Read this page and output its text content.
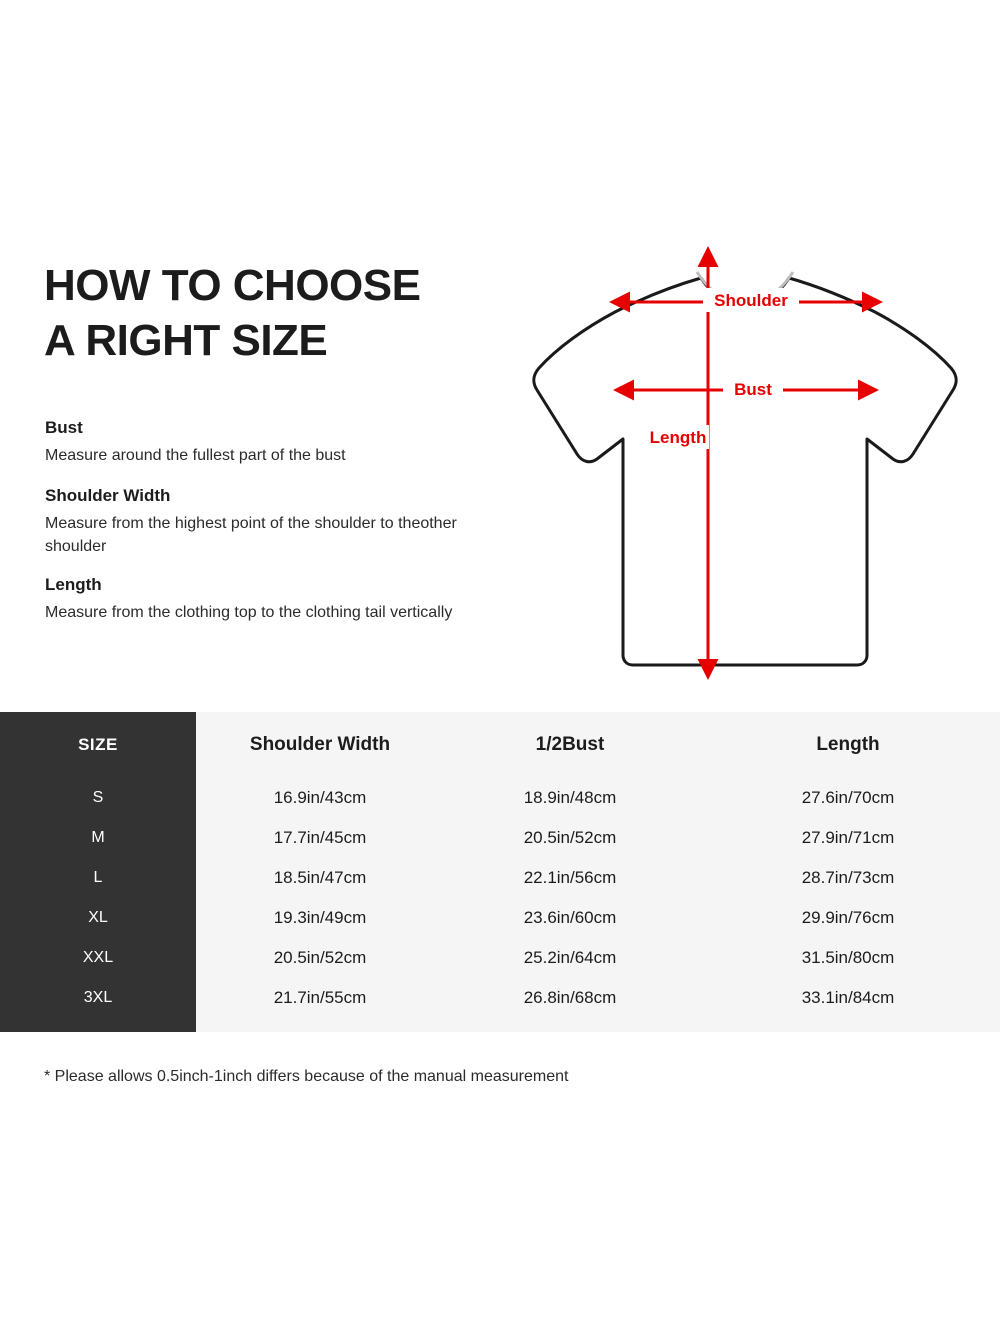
HOW TO CHOOSE
A RIGHT SIZE

Bust

Measure around the fullest part of the bust

Shoulder Width

Measure from the highest point of the shoulder to theother shoulder

Length

Measure from the clothing top to the clothing tail vertically

Shoulder
Bust
Length
SIZE	Shoulder Width	1/2Bust	Length
S	16.9in/43cm	18.9in/48cm	27.6in/70cm
M	17.7in/45cm	20.5in/52cm	27.9in/71cm
L	18.5in/47cm	22.1in/56cm	28.7in/73cm
XL	19.3in/49cm	23.6in/60cm	29.9in/76cm
XXL	20.5in/52cm	25.2in/64cm	31.5in/80cm
3XL	21.7in/55cm	26.8in/68cm	33.1in/84cm
* Please allows 0.5inch-1inch differs because of the manual measurement
